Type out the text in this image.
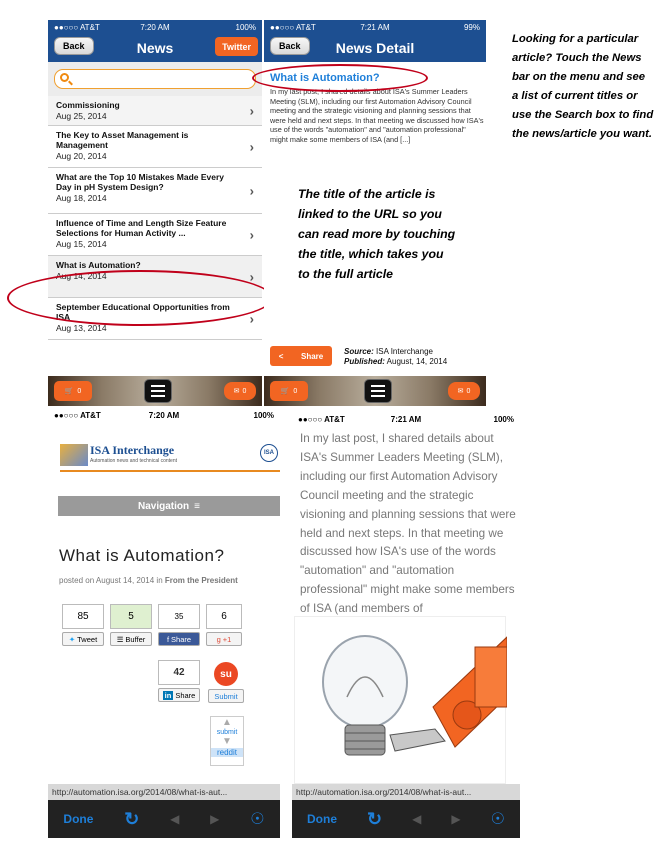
●●○○○ AT&T	7:20 AM	100%
Back	News	Twitter
Commissioning
Aug 25, 2014	›
The Key to Asset Management is Management
Aug 20, 2014
›
What are the Top 10 Mistakes Made Every Day in pH System Design?
Aug 18, 2014	›
Influence of Time and Length Size Feature Selections for Human Activity ...
Aug 15, 2014
›
What is Automation?
Aug 14, 2014	›
September Educational Opportunities from ISA
Aug 13, 2014
›
🛒 0	✉ 0
●●○○○ AT&T	7:21 AM	99%
Back	News Detail
What is Automation?
In my last post, I shared details about ISA's Summer Leaders Meeting (SLM), including our first Automation Advisory Council meeting and the strategic visioning and planning sessions that were held and next steps. In that meeting we discussed how ISA's use of the words "automation" and "automation professional" might make some members of ISA (and [...]
< Share	Source: ISA Interchange
Published: August, 14, 2014
🛒 0	✉ 0
Looking for a particular article? Touch the News bar on the menu and see a list of current titles or use the Search box to find the news/article you want.
The title of the article is linked to the URL so you can read more by touching the title, which takes you to the full article
●●○○○ AT&T	7:20 AM	100%
ISA Interchange
Automation news and technical content
ISA
Navigation ≡
What is Automation?
posted on August 14, 2014 in From the President
85
✦ Tweet
5
☰ Buffer
35
f Share
6
g +1
42
in Share
su
Submit
▲
submit
▼
reddit
http://automation.isa.org/2014/08/what-is-aut...
Done ↻	◀	▶ ☉
●●○○○ AT&T	7:21 AM	100%
In my last post, I shared details about ISA's Summer Leaders Meeting (SLM), including our first Automation Advisory Council meeting and the strategic visioning and planning sessions that were held and next steps. In that meeting we discussed how ISA's use of the words "automation" and "automation professional" might make some members of ISA (and members of
http://automation.isa.org/2014/08/what-is-aut...
Done ↻	◀	▶ ☉
